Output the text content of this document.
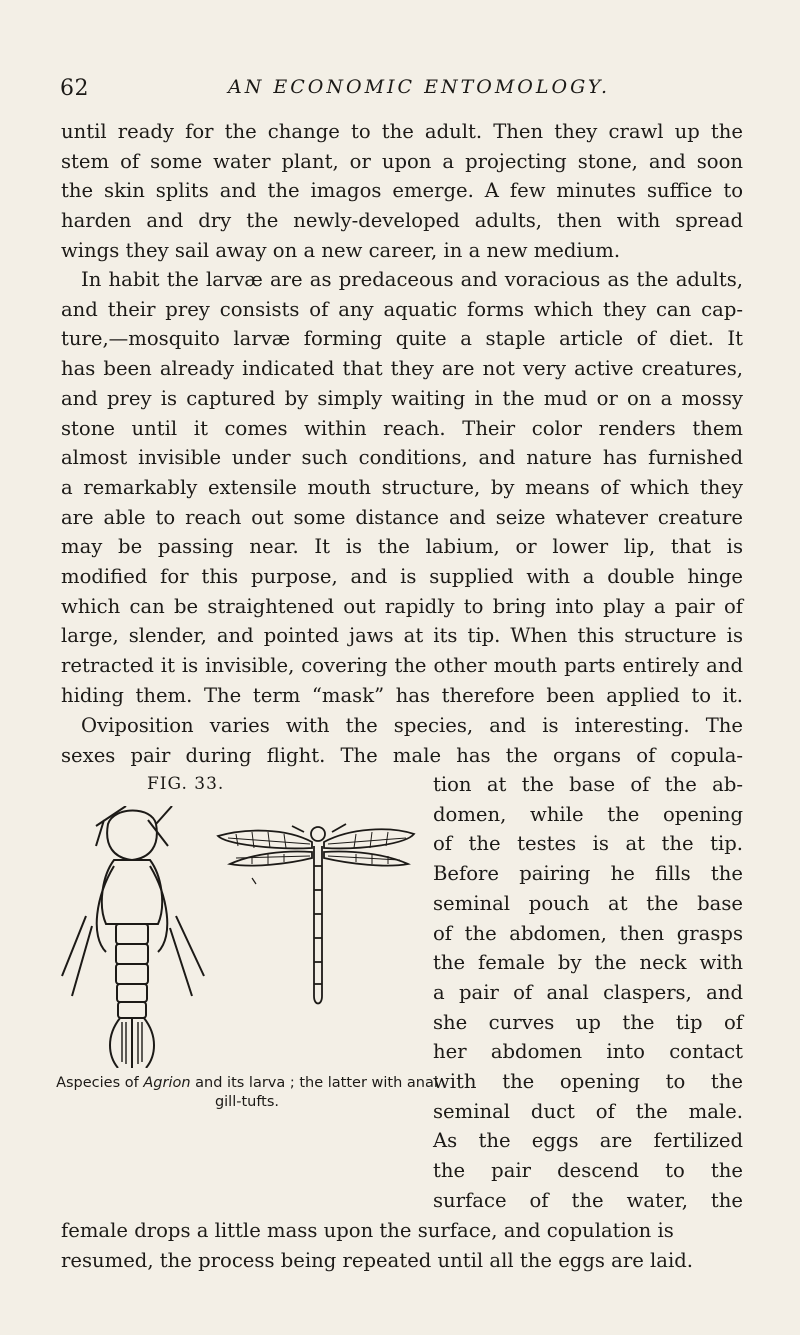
62	AN ECONOMIC ENTOMOLOGY.
until ready for the change to the adult. Then they crawl up the
stem of some water plant, or upon a projecting stone, and soon
the skin splits and the imagos emerge. A few minutes suffice to
harden and dry the newly-developed adults, then with spread
wings they sail away on a new career, in a new medium.
In habit the larvæ are as predaceous and voracious as the adults,
and their prey consists of any aquatic forms which they can cap-
ture,—mosquito larvæ forming quite a staple article of diet. It
has been already indicated that they are not very active creatures,
and prey is captured by simply waiting in the mud or on a mossy
stone until it comes within reach. Their color renders them
almost invisible under such conditions, and nature has furnished
a remarkably extensile mouth structure, by means of which they
are able to reach out some distance and seize whatever creature
may be passing near. It is the labium, or lower lip, that is
modified for this purpose, and is supplied with a double hinge
which can be straightened out rapidly to bring into play a pair of
large, slender, and pointed jaws at its tip. When this structure is
retracted it is invisible, covering the other mouth parts entirely and
hiding them. The term “mask” has therefore been applied to it.
Oviposition varies with the species, and is interesting. The
sexes pair during flight. The male has the organs of copula-
tion at the base of the ab-
domen, while the opening
of the testes is at the tip.
Before pairing he fills the
seminal pouch at the base
of the abdomen, then grasps
the female by the neck with
a pair of anal claspers, and
she curves up the tip of
her abdomen into contact
with the opening to the
seminal duct of the male.
As the eggs are fertilized
the pair descend to the
surface of the water, the
female drops a little mass upon the surface, and copulation is
resumed, the process being repeated until all the eggs are laid.
FIG. 33.
Aspecies of Agrion and its larva ; the latter with anal gill-tufts.
